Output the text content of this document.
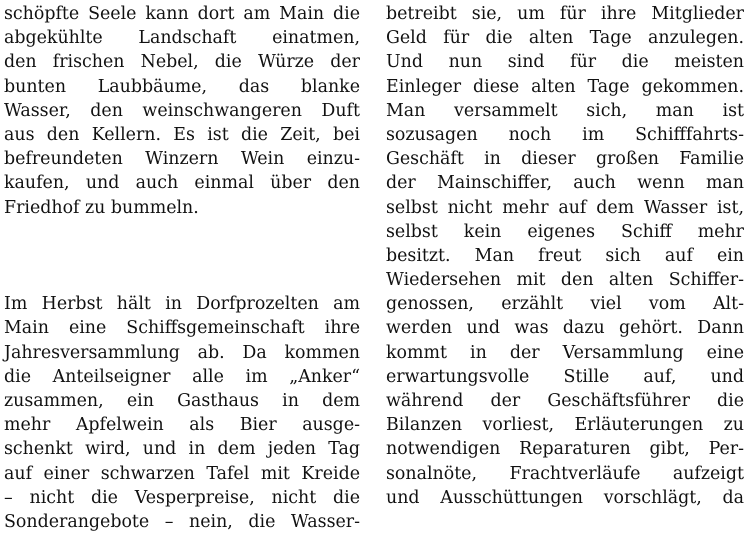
schöpfte Seele kann dort am Main die
abgekühlte Landschaft einatmen,
den frischen Nebel, die Würze der
bunten Laubbäume, das blanke
Wasser, den weinschwangeren Duft
aus den Kellern. Es ist die Zeit, bei
befreundeten Winzern Wein einzu-
kaufen, und auch einmal über den
Friedhof zu bummeln.
Im Herbst hält in Dorfprozelten am
Main eine Schiffsgemeinschaft ihre
Jahresversammlung ab. Da kommen
die Anteilseigner alle im „Anker“
zusammen, ein Gasthaus in dem
mehr Apfelwein als Bier ausge-
schenkt wird, und in dem jeden Tag
auf einer schwarzen Tafel mit Kreide
– nicht die Vesperpreise, nicht die
Sonderangebote – nein, die Wasser-
betreibt sie, um für ihre Mitglieder
Geld für die alten Tage anzulegen.
Und nun sind für die meisten
Einleger diese alten Tage gekommen.
Man versammelt sich, man ist
sozusagen noch im Schifffahrts-
Geschäft in dieser großen Familie
der Mainschiffer, auch wenn man
selbst nicht mehr auf dem Wasser ist,
selbst kein eigenes Schiff mehr
besitzt. Man freut sich auf ein
Wiedersehen mit den alten Schiffer-
genossen, erzählt viel vom Alt-
werden und was dazu gehört. Dann
kommt in der Versammlung eine
erwartungsvolle Stille auf, und
während der Geschäftsführer die
Bilanzen vorliest, Erläuterungen zu
notwendigen Reparaturen gibt, Per-
sonalnöte, Frachtverläufe aufzeigt
und Ausschüttungen vorschlägt, da
